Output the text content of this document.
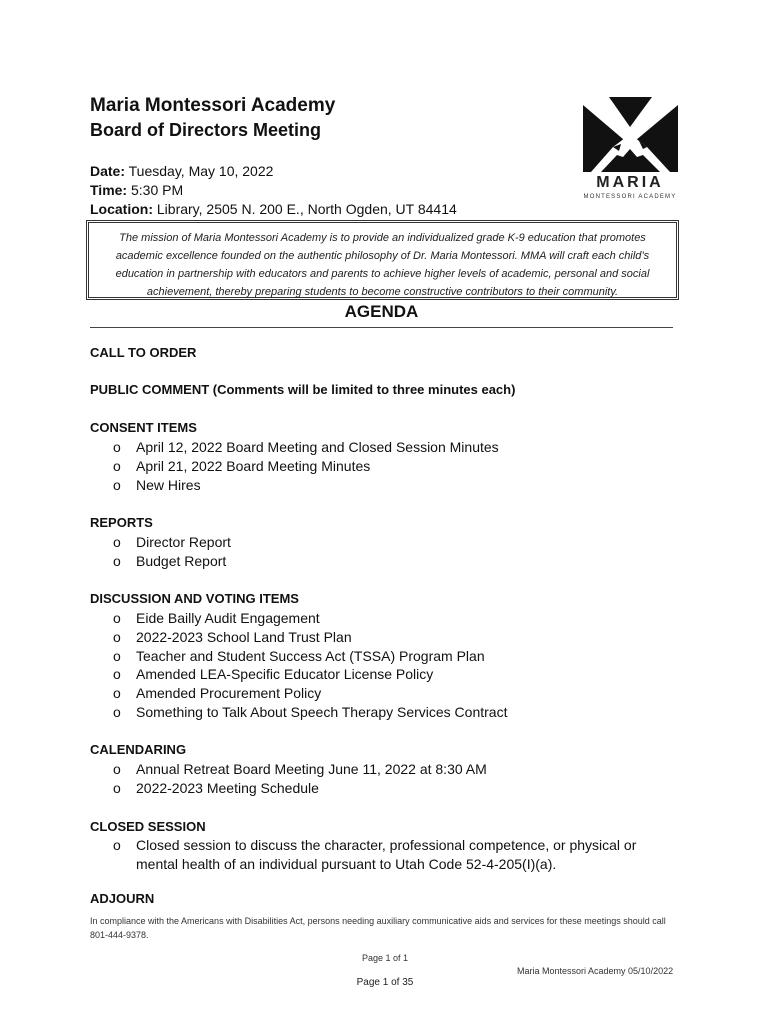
Maria Montessori Academy
Board of Directors Meeting
Date: Tuesday, May 10, 2022
Time: 5:30 PM
Location: Library, 2505 N. 200 E., North Ogden, UT 84414
MARIA
MONTESSORI ACADEMY
The mission of Maria Montessori Academy is to provide an individualized grade K-9 education that promotes academic excellence founded on the authentic philosophy of Dr. Maria Montessori. MMA will craft each child’s education in partnership with educators and parents to achieve higher levels of academic, personal and social achievement, thereby preparing students to become constructive contributors to their community.
AGENDA
CALL TO ORDER
PUBLIC COMMENT (Comments will be limited to three minutes each)
CONSENT ITEMS
o April 12, 2022 Board Meeting and Closed Session Minutes
o April 21, 2022 Board Meeting Minutes
o New Hires
REPORTS
o Director Report
o Budget Report
DISCUSSION AND VOTING ITEMS
o Eide Bailly Audit Engagement
o 2022-2023 School Land Trust Plan
o Teacher and Student Success Act (TSSA) Program Plan
o Amended LEA-Specific Educator License Policy
o Amended Procurement Policy
o Something to Talk About Speech Therapy Services Contract
CALENDARING
o Annual Retreat Board Meeting June 11, 2022 at 8:30 AM
o 2022-2023 Meeting Schedule
CLOSED SESSION
o	Closed session to discuss the character, professional competence, or physical or mental health of an individual pursuant to Utah Code 52-4-205(I)(a).
ADJOURN
In compliance with the Americans with Disabilities Act, persons needing auxiliary communicative aids and services for these meetings should call 801-444-9378.
Page 1 of 1
Maria Montessori Academy 05/10/2022
Page 1 of 35
